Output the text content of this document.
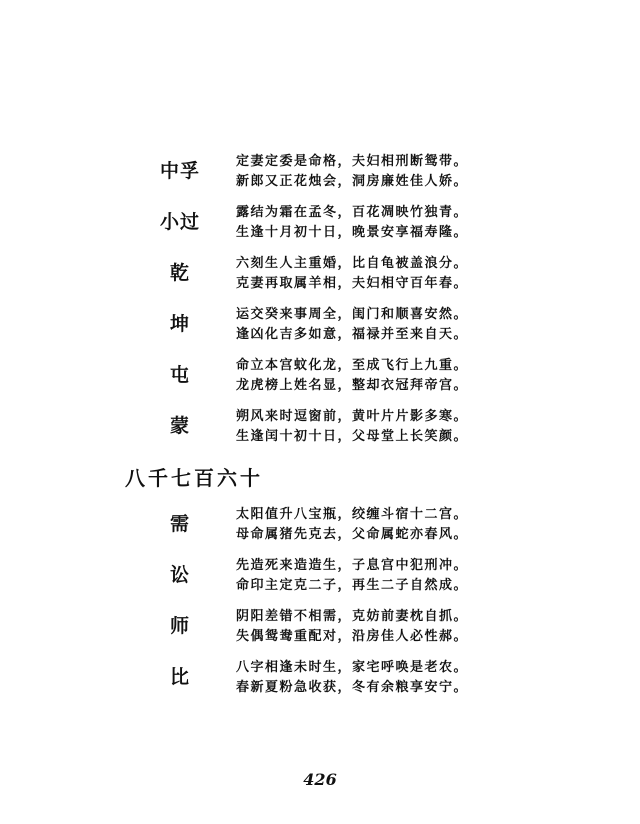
中孚	定妻定委是命格，夫妇相刑断鸳带。
新郎又正花烛会，洞房廉姓佳人娇。
小过	露结为霜在孟冬，百花凋映竹独青。
生逢十月初十日，晚景安享福寿隆。
乾	六刻生人主重婚，比自龟被盖浪分。
克妻再取属羊相，夫妇相守百年春。
坤	运交癸来事周全，闺门和顺喜安然。
逢凶化吉多如意，福禄并至来自天。
屯	命立本宫蚊化龙，至成飞行上九重。
龙虎榜上姓名显，整却衣冠拜帝宫。
蒙	朔风来时逗窗前，黄叶片片影多寒。
生逢闰十初十日，父母堂上长笑颜。
八千七百六十
需	太阳值升八宝瓶，绞缠斗宿十二宫。
母命属猪先克去，父命属蛇亦春风。
讼	先造死来造造生，子息宫中犯刑冲。
命印主定克二子，再生二子自然成。
师	阴阳差错不相需，克妨前妻枕自抓。
失偶鸳鸯重配对，沿房佳人必性郝。
比	八字相逢未时生，家宅呼唤是老农。
春新夏粉急收获，冬有余粮享安宁。
426
